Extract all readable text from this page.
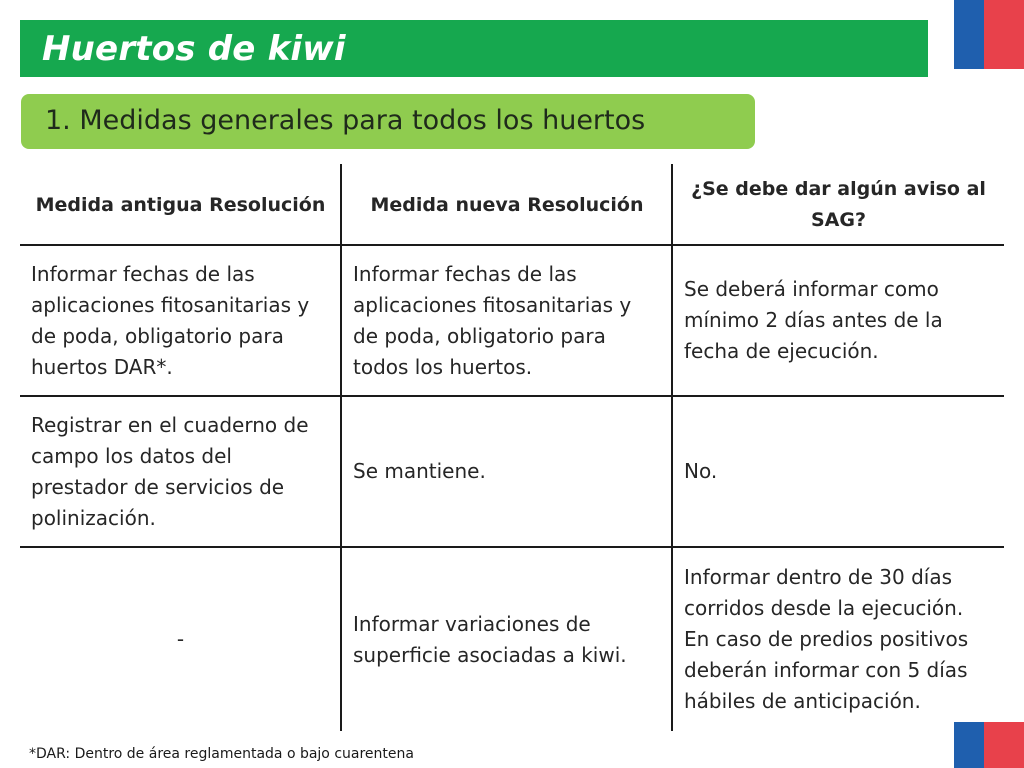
Huertos de kiwi
1. Medidas generales para todos los huertos
Medida antigua Resolución	Medida nueva Resolución
¿Se debe dar algún aviso al SAG?
Informar fechas de las aplicaciones fitosanitarias y de poda, obligatorio para huertos DAR*.
Informar fechas de las aplicaciones fitosanitarias y de poda, obligatorio para todos los huertos.
Se deberá informar como mínimo 2 días antes de la fecha de ejecución.
Registrar en el cuaderno de campo los datos del prestador de servicios de polinización.
Se mantiene.	No.
-
Informar variaciones de superficie asociadas a kiwi.
Informar dentro de 30 días corridos desde la ejecución. En caso de predios positivos deberán informar con 5 días hábiles de anticipación.
*DAR: Dentro de área reglamentada o bajo cuarentena
